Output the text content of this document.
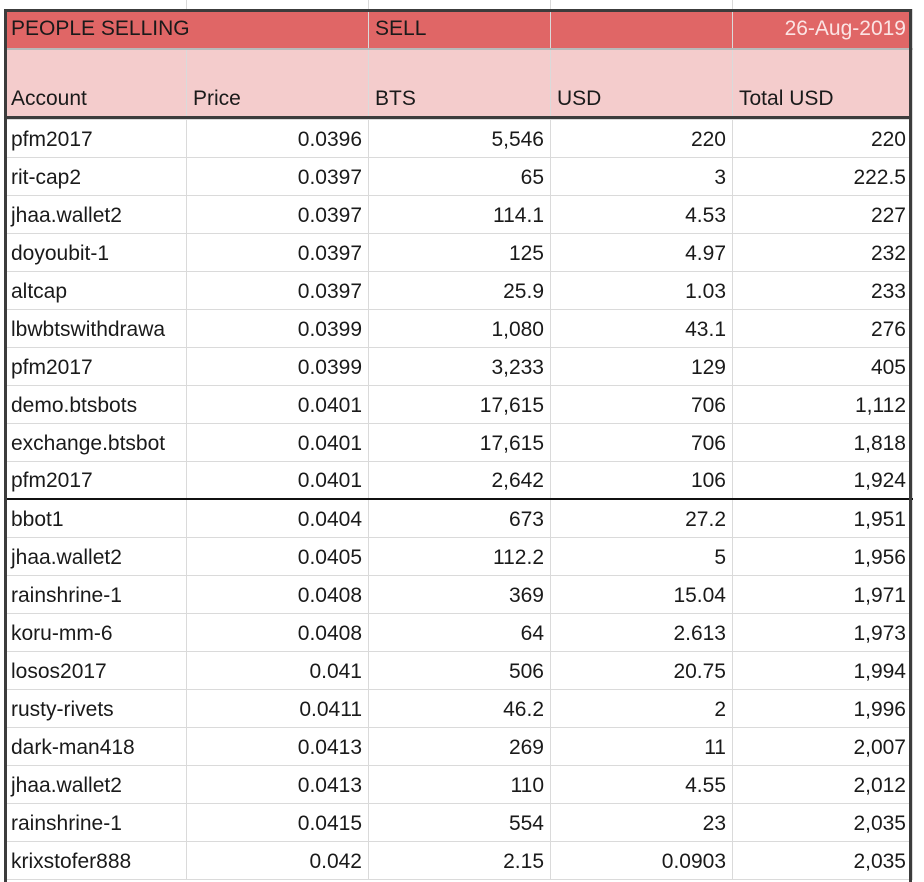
PEOPLE SELLING		SELL		26-Aug-2019
Account	Price	BTS	USD	Total USD
pfm2017	0.0396	5,546	220	220
rit-cap2	0.0397	65	3	222.5
jhaa.wallet2	0.0397	114.1	4.53	227
doyoubit-1	0.0397	125	4.97	232
altcap	0.0397	25.9	1.03	233
lbwbtswithdrawa	0.0399	1,080	43.1	276
pfm2017	0.0399	3,233	129	405
demo.btsbots	0.0401	17,615	706	1,112
exchange.btsbot	0.0401	17,615	706	1,818
pfm2017	0.0401	2,642	106	1,924
bbot1	0.0404	673	27.2	1,951
jhaa.wallet2	0.0405	112.2	5	1,956
rainshrine-1	0.0408	369	15.04	1,971
koru-mm-6	0.0408	64	2.613	1,973
losos2017	0.041	506	20.75	1,994
rusty-rivets	0.0411	46.2	2	1,996
dark-man418	0.0413	269	11	2,007
jhaa.wallet2	0.0413	110	4.55	2,012
rainshrine-1	0.0415	554	23	2,035
krixstofer888	0.042	2.15	0.0903	2,035
